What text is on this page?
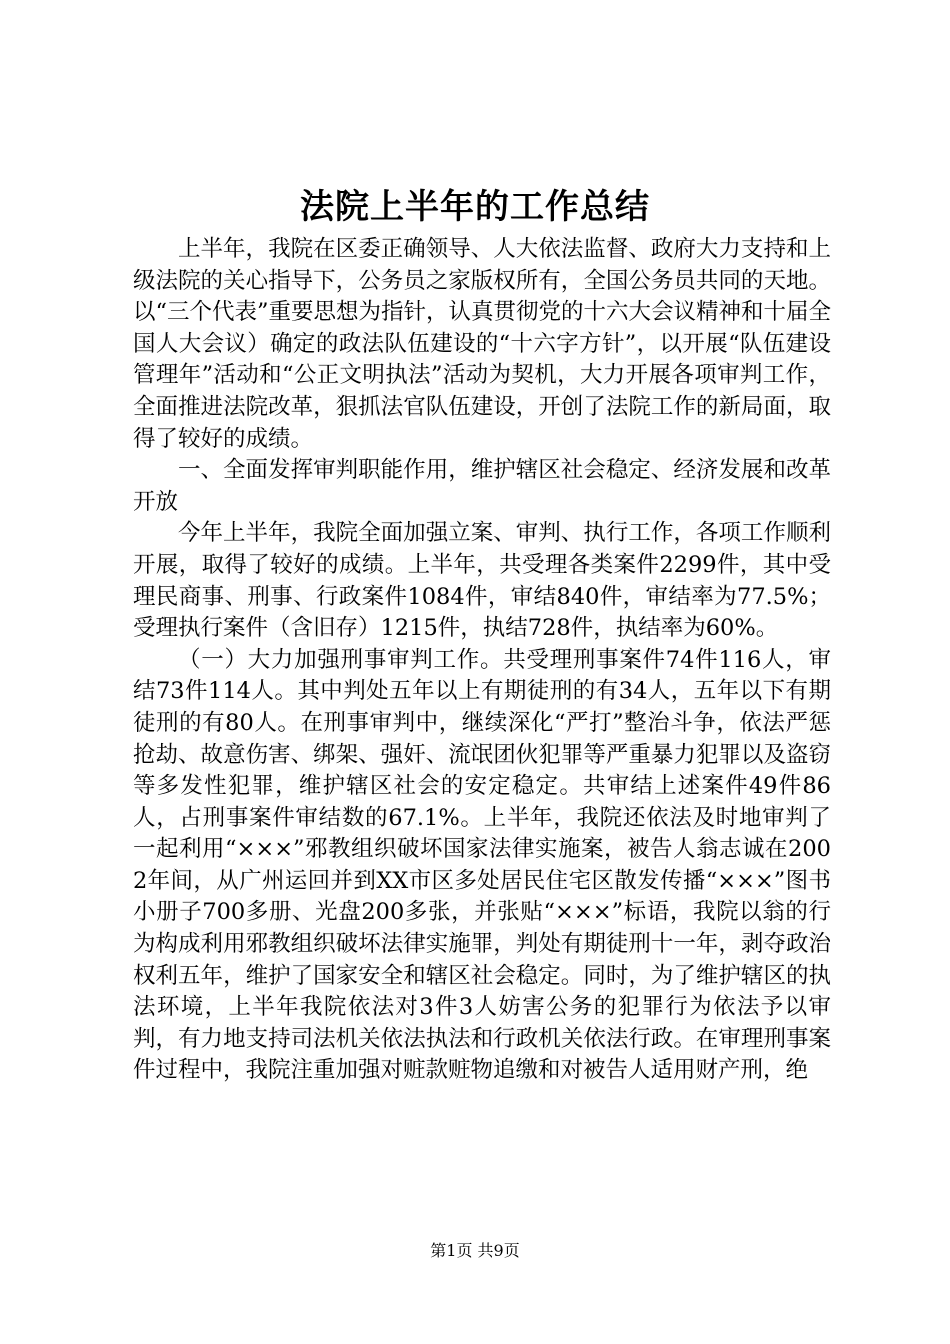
法院上半年的工作总结

上半年，我院在区委正确领导、人大依法监督、政府大力支持和上级法院的关心指导下，公务员之家版权所有，全国公务员共同的天地。以“三个代表”重要思想为指针，认真贯彻党的十六大会议精神和十届全国人大会议）确定的政法队伍建设的“十六字方针”，以开展“队伍建设管理年”活动和“公正文明执法”活动为契机，大力开展各项审判工作，全面推进法院改革，狠抓法官队伍建设，开创了法院工作的新局面，取得了较好的成绩。

一、全面发挥审判职能作用，维护辖区社会稳定、经济发展和改革开放

今年上半年，我院全面加强立案、审判、执行工作，各项工作顺利开展，取得了较好的成绩。上半年，共受理各类案件2299件，其中受理民商事、刑事、行政案件1084件，审结840件，审结率为77.5%；受理执行案件（含旧存）1215件，执结728件，执结率为60%。

（一）大力加强刑事审判工作。共受理刑事案件74件116人，审结73件114人。其中判处五年以上有期徒刑的有34人，五年以下有期徒刑的有80人。在刑事审判中，继续深化“严打”整治斗争，依法严惩抢劫、故意伤害、绑架、强奸、流氓团伙犯罪等严重暴力犯罪以及盗窃等多发性犯罪，维护辖区社会的安定稳定。共审结上述案件49件86人，占刑事案件审结数的67.1%。上半年，我院还依法及时地审判了一起利用“×××”邪教组织破坏国家法律实施案，被告人翁志诚在2002年间，从广州运回并到XX市区多处居民住宅区散发传播“×××”图书小册子700多册、光盘200多张，并张贴“×××”标语，我院以翁的行为构成利用邪教组织破坏法律实施罪，判处有期徒刑十一年，剥夺政治权利五年，维护了国家安全和辖区社会稳定。同时，为了维护辖区的执法环境，上半年我院依法对3件3人妨害公务的犯罪行为依法予以审判，有力地支持司法机关依法执法和行政机关依法行政。在审理刑事案件过程中，我院注重加强对赃款赃物追缴和对被告人适用财产刑，绝

第1页 共9页
